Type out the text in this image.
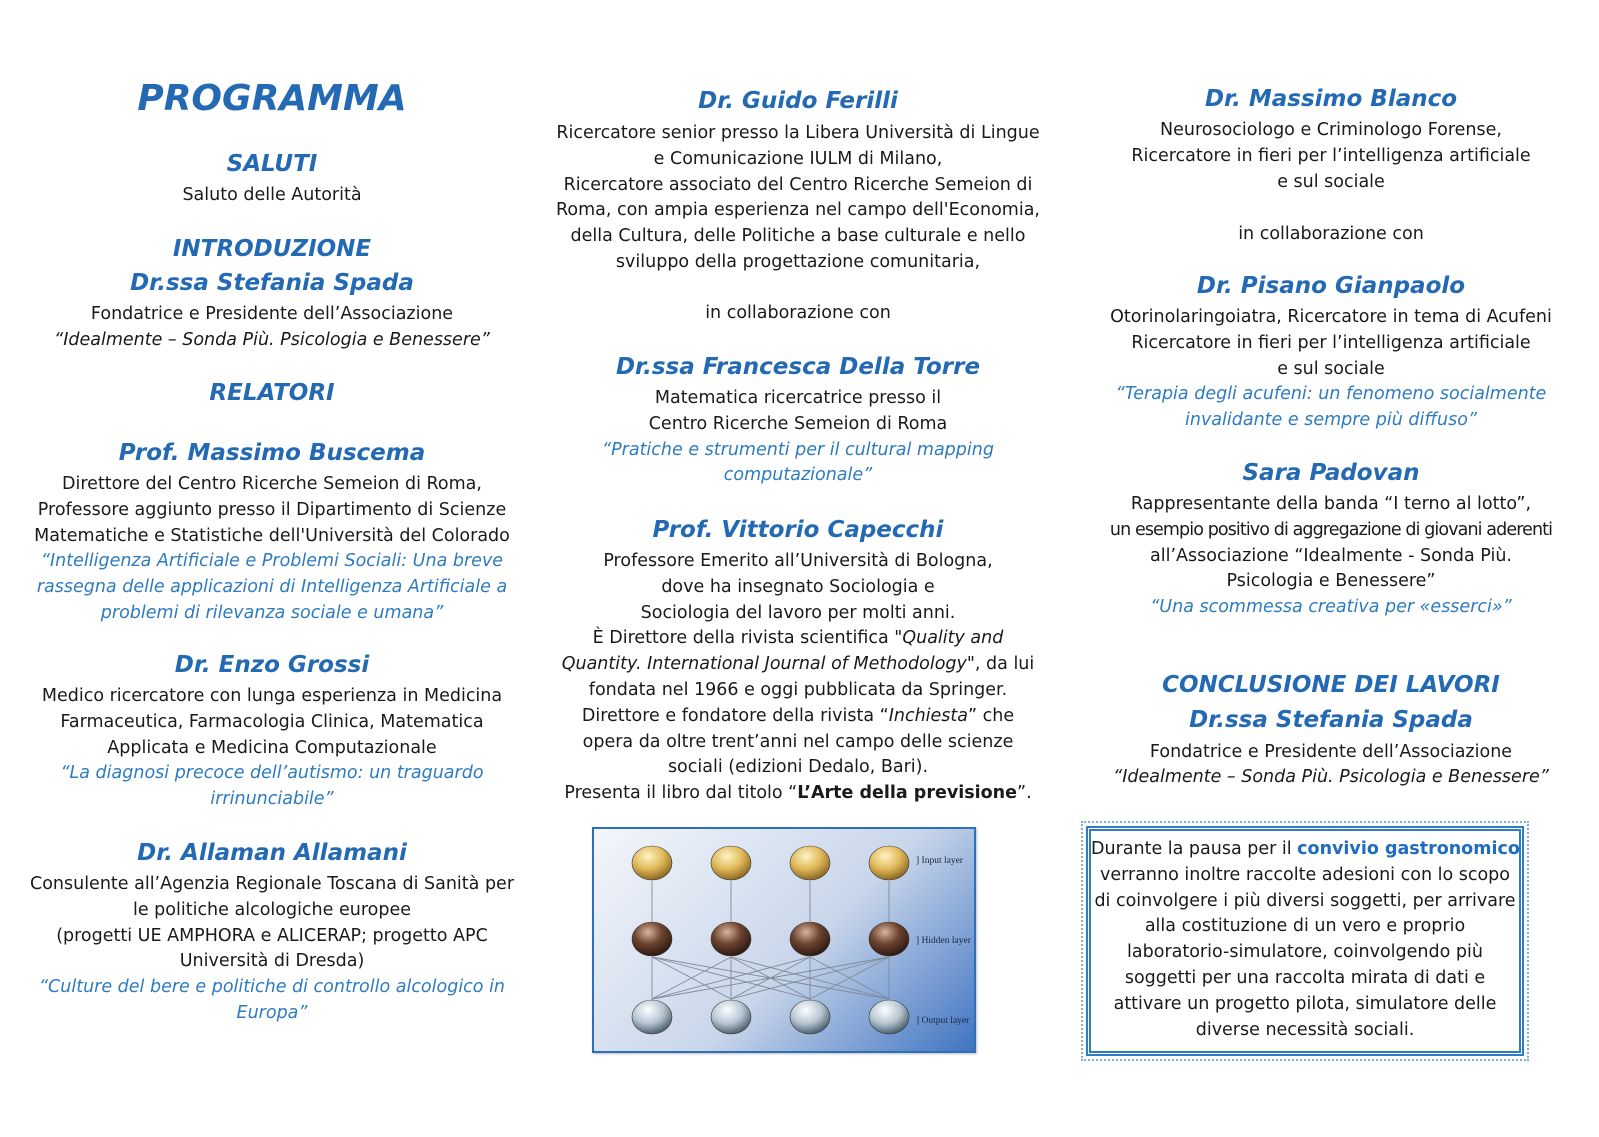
PROGRAMMA
SALUTI
Saluto delle Autorità
INTRODUZIONE
Dr.ssa Stefania Spada
Fondatrice e Presidente dell’Associazione
“Idealmente – Sonda Più. Psicologia e Benessere”
RELATORI
Prof. Massimo Buscema
Direttore del Centro Ricerche Semeion di Roma,
Professore aggiunto presso il Dipartimento di Scienze
Matematiche e Statistiche dell'Università del Colorado
“Intelligenza Artificiale e Problemi Sociali: Una breve
rassegna delle applicazioni di Intelligenza Artificiale a
problemi di rilevanza sociale e umana”
Dr. Enzo Grossi
Medico ricercatore con lunga esperienza in Medicina
Farmaceutica, Farmacologia Clinica, Matematica
Applicata e Medicina Computazionale
“La diagnosi precoce dell’autismo: un traguardo
irrinunciabile”
Dr. Allaman Allamani
Consulente all’Agenzia Regionale Toscana di Sanità per
le politiche alcologiche europee
(progetti UE AMPHORA e ALICERAP; progetto APC
Università di Dresda)
“Culture del bere e politiche di controllo alcologico in
Europa”
Dr. Guido Ferilli
Ricercatore senior presso la Libera Università di Lingue
e Comunicazione IULM di Milano,
Ricercatore associato del Centro Ricerche Semeion di
Roma, con ampia esperienza nel campo dell'Economia,
della Cultura, delle Politiche a base culturale e nello
sviluppo della progettazione comunitaria,
in collaborazione con
Dr.ssa Francesca Della Torre
Matematica ricercatrice presso il
Centro Ricerche Semeion di Roma
“Pratiche e strumenti per il cultural mapping
computazionale”
Prof. Vittorio Capecchi
Professore Emerito all’Università di Bologna,
dove ha insegnato Sociologia e
Sociologia del lavoro per molti anni.
È Direttore della rivista scientifica "Quality and
Quantity. International Journal of Methodology", da lui
fondata nel 1966 e oggi pubblicata da Springer.
Direttore e fondatore della rivista “Inchiesta” che
opera da oltre trent’anni nel campo delle scienze
sociali (edizioni Dedalo, Bari).
Presenta il libro dal titolo “L’Arte della previsione”.
] Input layer
] Hidden layer
] Output layer
Dr. Massimo Blanco
Neurosociologo e Criminologo Forense,
Ricercatore in fieri per l’intelligenza artificiale
e sul sociale
in collaborazione con
Dr. Pisano Gianpaolo
Otorinolaringoiatra, Ricercatore in tema di Acufeni
Ricercatore in fieri per l’intelligenza artificiale
e sul sociale
“Terapia degli acufeni: un fenomeno socialmente
invalidante e sempre più diffuso”
Sara Padovan
Rappresentante della banda “I terno al lotto”,
un esempio positivo di aggregazione di giovani aderenti
all’Associazione “Idealmente - Sonda Più.
Psicologia e Benessere”
“Una scommessa creativa per «esserci»”
CONCLUSIONE DEI LAVORI
Dr.ssa Stefania Spada
Fondatrice e Presidente dell’Associazione
“Idealmente – Sonda Più. Psicologia e Benessere”
Durante la pausa per il convivio gastronomico
verranno inoltre raccolte adesioni con lo scopo
di coinvolgere i più diversi soggetti, per arrivare
alla costituzione di un vero e proprio
laboratorio-simulatore, coinvolgendo più
soggetti per una raccolta mirata di dati e
attivare un progetto pilota, simulatore delle
diverse necessità sociali.
